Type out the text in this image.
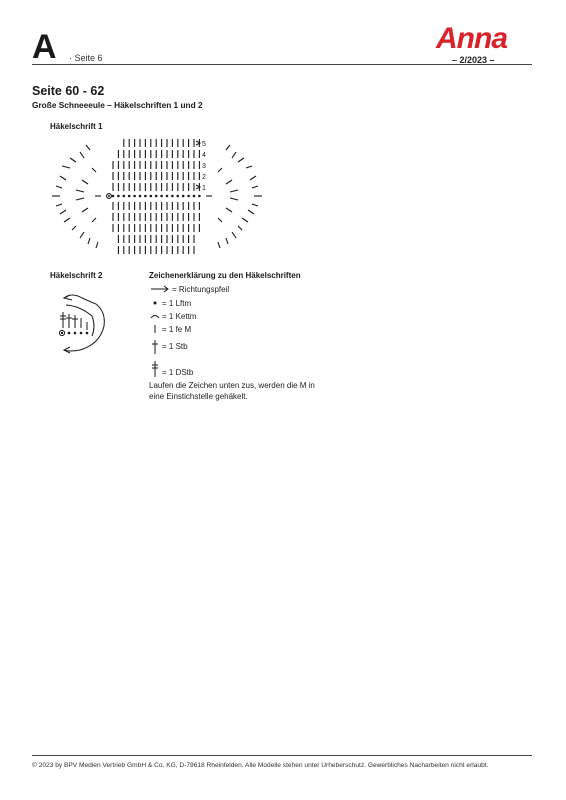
A · Seite 6
Anna
– 2/2023 –
Seite 60 - 62
Große Schneeeule – Häkelschriften 1 und 2
Häkelschrift 1
5
4
3
2
1
Häkelschrift 2	Zeichenerklärung zu den Häkelschriften
= Richtungspfeil
= 1 Lftm
= 1 Kettm
= 1 fe M
= 1 Stb
= 1 DStb
Laufen die Zeichen unten zus, werden die M in eine Einstichstelle gehäkelt.
© 2023 by BPV Medien Vertrieb GmbH & Co. KG, D-79618 Rheinfelden. Alle Modelle stehen unter Urheberschutz. Gewerbliches Nacharbeiten nicht erlaubt.
